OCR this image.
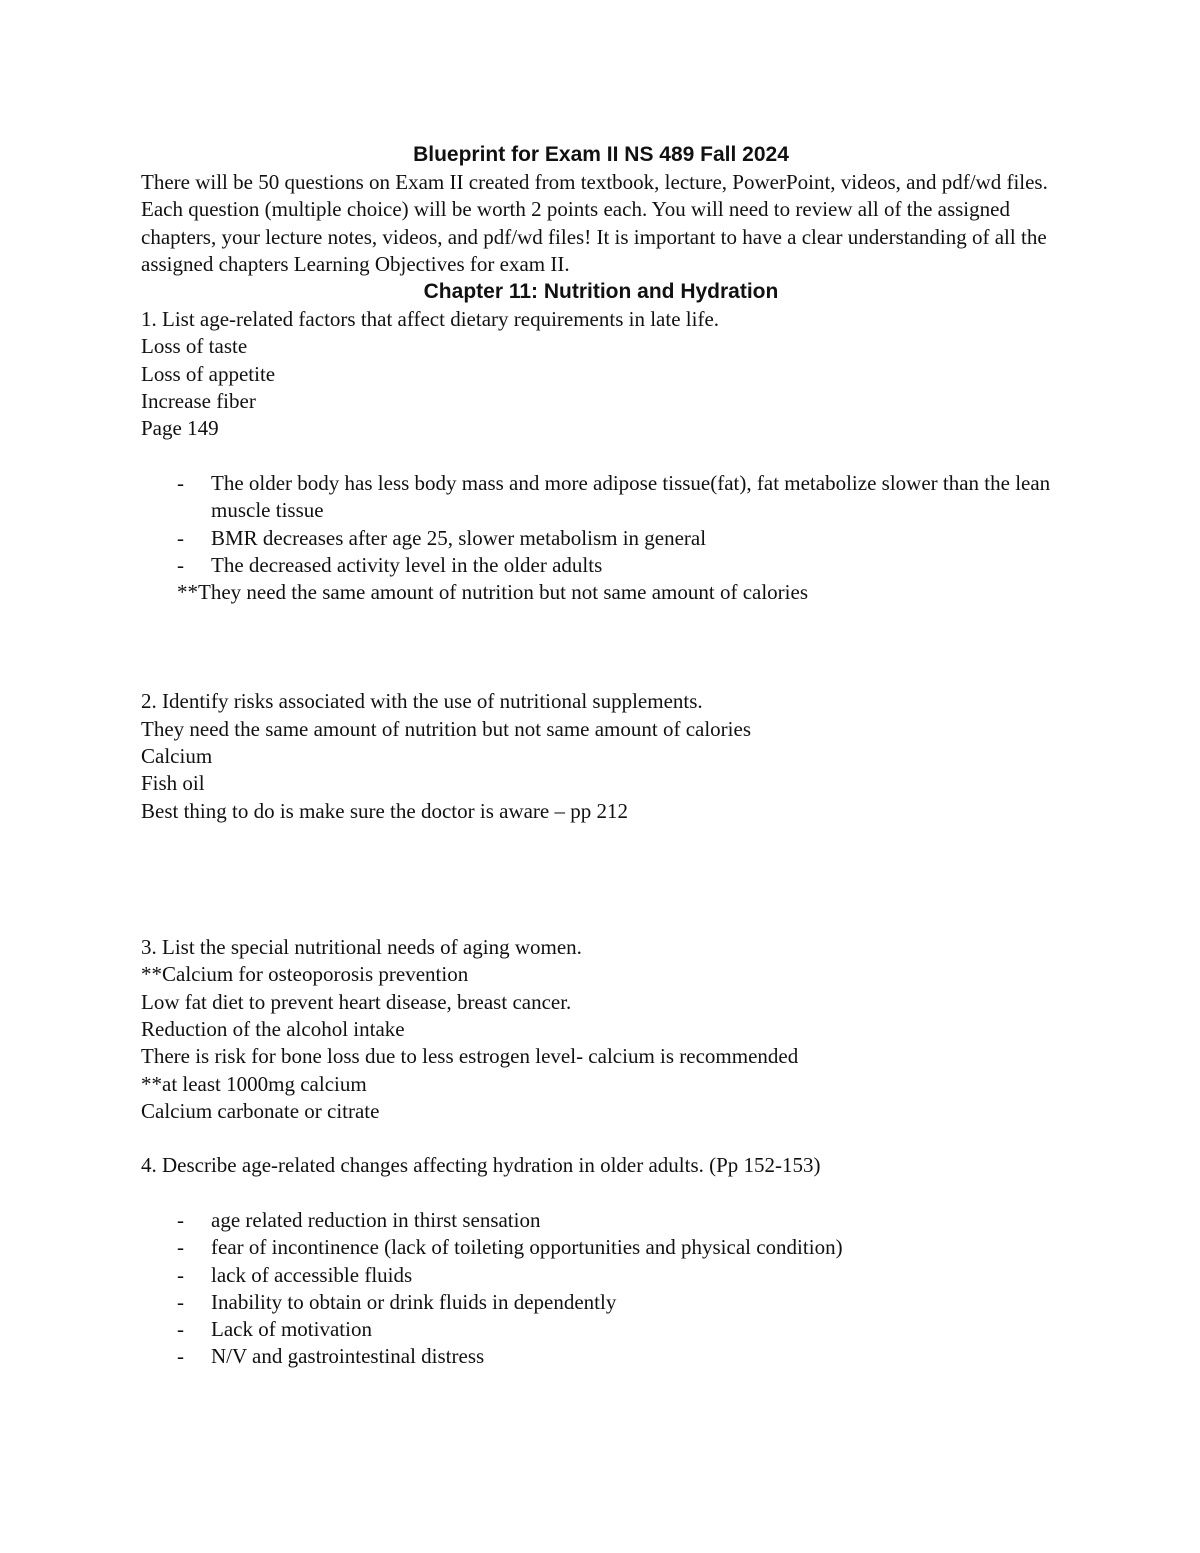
Blueprint for Exam II NS 489 Fall 2024

There will be 50 questions on Exam II created from textbook, lecture, PowerPoint, videos, and pdf/wd files. Each question (multiple choice) will be worth 2 points each. You will need to review all of the assigned chapters, your lecture notes, videos, and pdf/wd files! It is important to have a clear understanding of all the assigned chapters Learning Objectives for exam II.

Chapter 11: Nutrition and Hydration

1. List age-related factors that affect dietary requirements in late life.

Loss of taste

Loss of appetite

Increase fiber

Page 149

- The older body has less body mass and more adipose tissue(fat), fat metabolize slower than the lean muscle tissue
- BMR decreases after age 25, slower metabolism in general
- The decreased activity level in the older adults

**They need the same amount of nutrition but not same amount of calories

2. Identify risks associated with the use of nutritional supplements.

They need the same amount of nutrition but not same amount of calories

Calcium

Fish oil

Best thing to do is make sure the doctor is aware – pp 212

3. List the special nutritional needs of aging women.

**Calcium for osteoporosis prevention

Low fat diet to prevent heart disease, breast cancer.

Reduction of the alcohol intake

There is risk for bone loss due to less estrogen level- calcium is recommended

**at least 1000mg calcium

Calcium carbonate or citrate

4. Describe age-related changes affecting hydration in older adults. (Pp 152-153)

- age related reduction in thirst sensation
- fear of incontinence (lack of toileting opportunities and physical condition)
- lack of accessible fluids
- Inability to obtain or drink fluids in dependently
- Lack of motivation
- N/V and gastrointestinal distress
